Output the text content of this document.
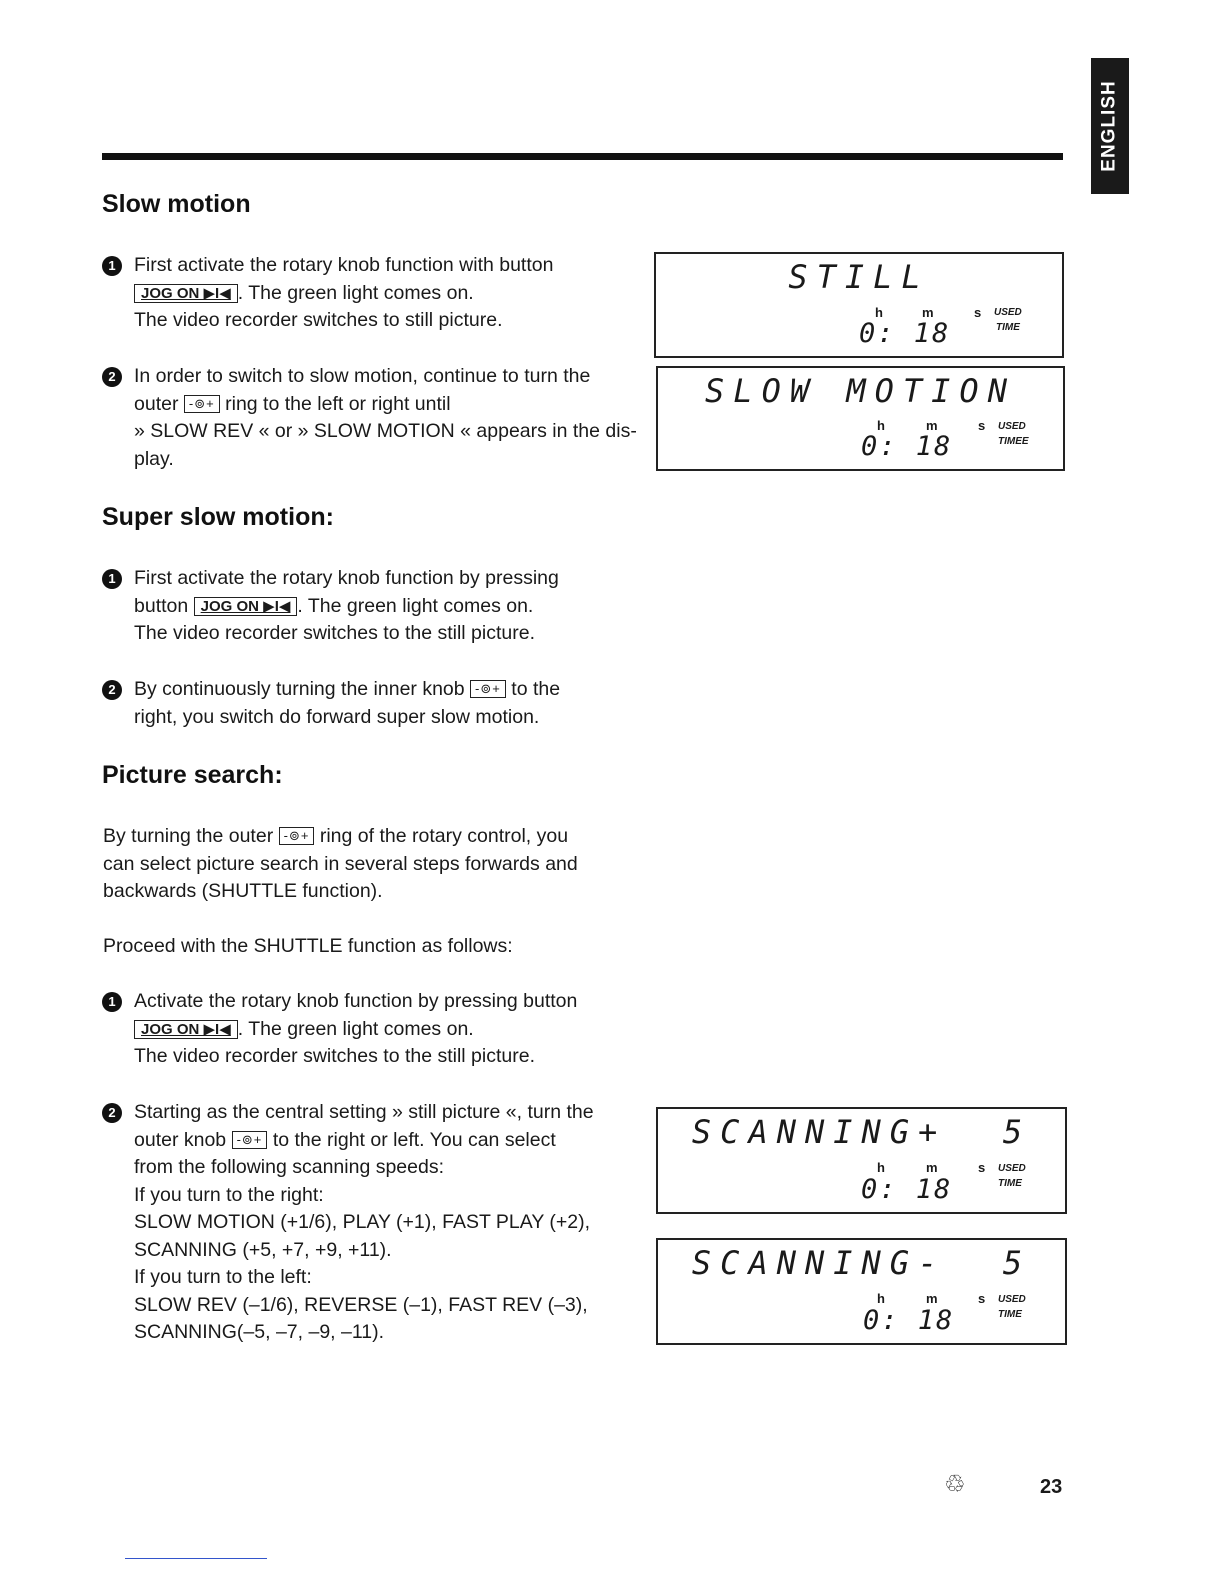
ENGLISH
Slow motion
1 First activate the rotary knob function with button
JOG ON ▶I◀ . The green light comes on.
The video recorder switches to still picture.
2 In order to switch to slow motion, continue to turn the
outer -⊚+ ring to the left or right until
» SLOW REV « or » SLOW MOTION « appears in the dis-
play.
Super slow motion:
1 First activate the rotary knob function by pressing
button JOG ON ▶I◀ . The green light comes on.
The video recorder switches to the still picture.
2 By continuously turning the inner knob -⊚+ to the
right, you switch do forward super slow motion.
Picture search:
By turning the outer -⊚+ ring of the rotary control, you
can select picture search in several steps forwards and
backwards (SHUTTLE function).
Proceed with the SHUTTLE function as follows:
1 Activate the rotary knob function by pressing button
JOG ON ▶I◀ . The green light comes on.
The video recorder switches to the still picture.
2 Starting as the central setting » still picture «, turn the
outer knob -⊚+ to the right or left. You can select
from the following scanning speeds:
If you turn to the right:
SLOW MOTION (+1/6), PLAY (+1), FAST PLAY (+2),
SCANNING (+5, +7, +9, +11).
If you turn to the left:
SLOW REV (–1/6), REVERSE (–1), FAST REV (–3),
SCANNING(–5, –7, –9, –11).
STILL
h	m	s USED
TIME
0: 18
SLOW MOTION
h	m	s USED
TIMEE
0: 18
SCANNING+  5
h	m	s USED
TIME
0: 18
SCANNING-  5
h	m	s USED
TIME
0: 18
♲	23
